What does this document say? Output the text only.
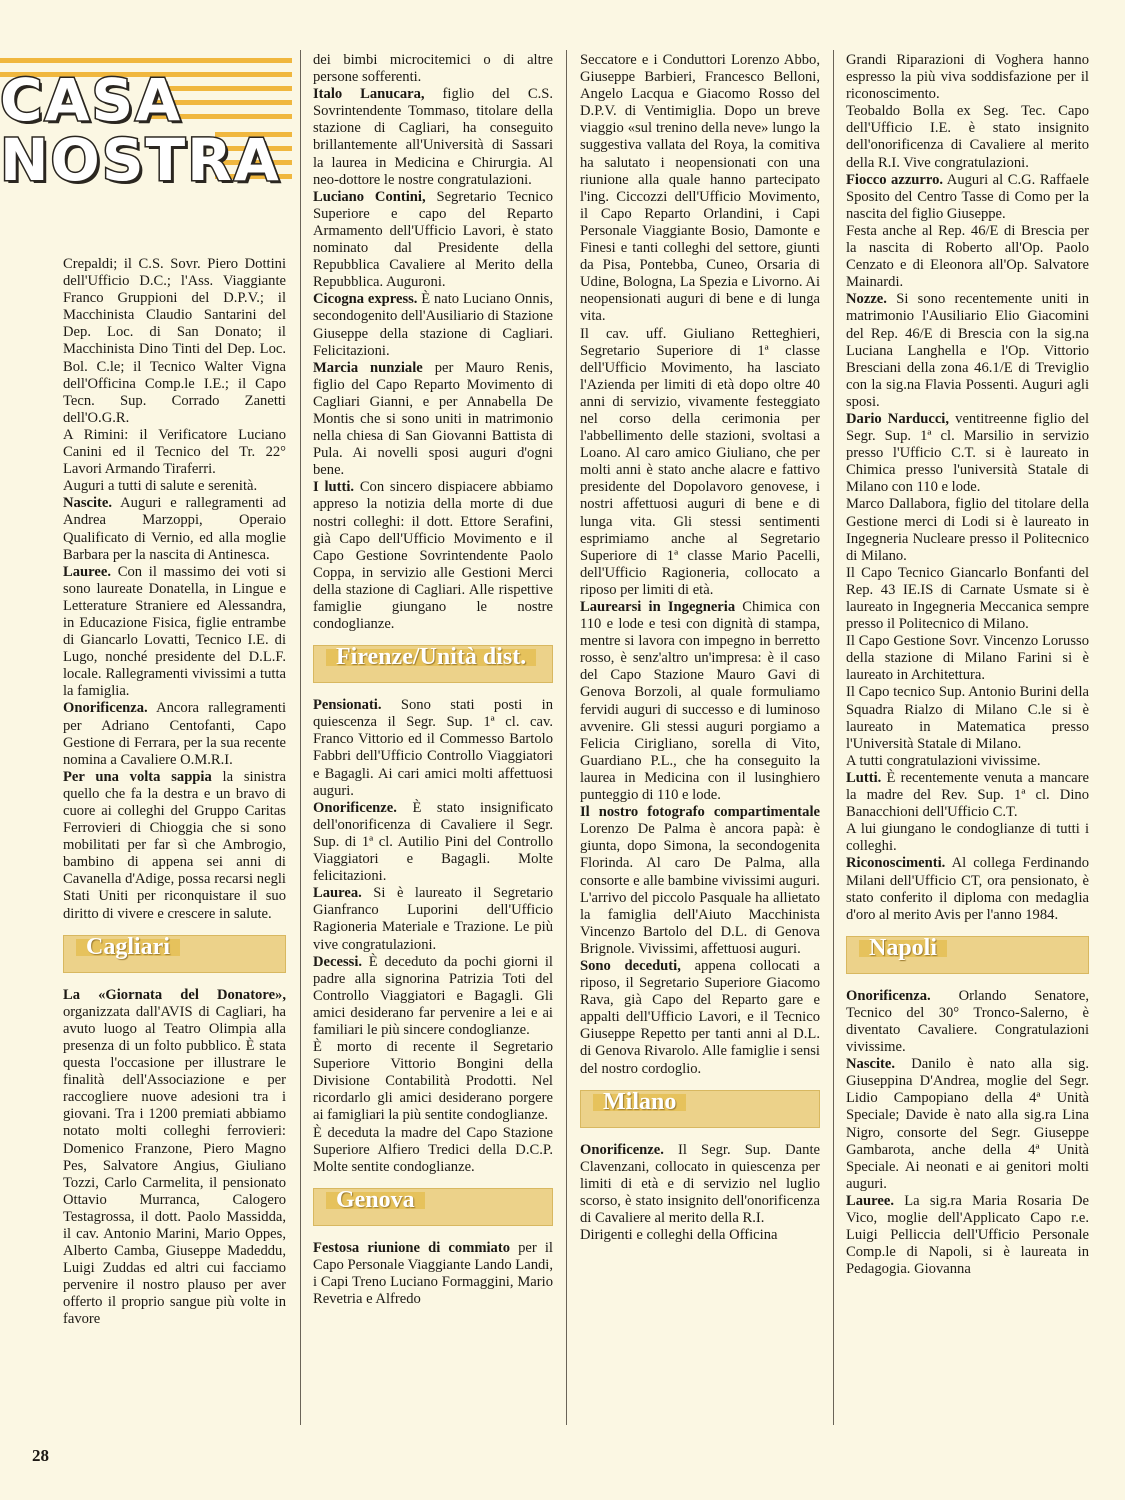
CASA
NOSTRA

Crepaldi; il C.S. Sovr. Piero Dottini dell'Ufficio D.C.; l'Ass. Viaggiante Franco Gruppioni del D.P.V.; il Macchinista Claudio Santarini del Dep. Loc. di San Donato; il Macchinista Dino Tinti del Dep. Loc. Bol. C.le; il Tecnico Walter Vigna dell'Officina Comp.le I.E.; il Capo Tecn. Sup. Corrado Zanetti dell'O.G.R.

A Rimini: il Verificatore Luciano Canini ed il Tecnico del Tr. 22° Lavori Armando Tiraferri.

Auguri a tutti di salute e serenità.

Nascite. Auguri e rallegramenti ad Andrea Marzoppi, Operaio Qualificato di Vernio, ed alla moglie Barbara per la nascita di Antinesca.

Lauree. Con il massimo dei voti si sono laureate Donatella, in Lingue e Letterature Straniere ed Alessandra, in Educazione Fisica, figlie entrambe di Giancarlo Lovatti, Tecnico I.E. di Lugo, nonché presidente del D.L.F. locale. Rallegramenti vivissimi a tutta la famiglia.

Onorificenza. Ancora rallegramenti per Adriano Centofanti, Capo Gestione di Ferrara, per la sua recente nomina a Cavaliere O.M.R.I.

Per una volta sappia la sinistra quello che fa la destra e un bravo di cuore ai colleghi del Gruppo Caritas Ferrovieri di Chioggia che si sono mobilitati per far sì che Ambrogio, bambino di appena sei anni di Cavanella d'Adige, possa recarsi negli Stati Uniti per riconquistare il suo diritto di vivere e crescere in salute.

Cagliari

La «Giornata del Donatore», organizzata dall'AVIS di Cagliari, ha avuto luogo al Teatro Olimpia alla presenza di un folto pubblico. È stata questa l'occasione per illustrare le finalità dell'Associazione e per raccogliere nuove adesioni tra i giovani. Tra i 1200 premiati abbiamo notato molti colleghi ferrovieri: Domenico Franzone, Piero Magno Pes, Salvatore Angius, Giuliano Tozzi, Carlo Carmelita, il pensionato Ottavio Murranca, Calogero Testagrossa, il dott. Paolo Massidda, il cav. Antonio Marini, Mario Oppes, Alberto Camba, Giuseppe Madeddu, Luigi Zuddas ed altri cui facciamo pervenire il nostro plauso per aver offerto il proprio sangue più volte in favore

dei bimbi microcitemici o di altre persone sofferenti.

Italo Lanucara, figlio del C.S. Sovrintendente Tommaso, titolare della stazione di Cagliari, ha conseguito brillantemente all'Università di Sassari la laurea in Medicina e Chirurgia. Al neo-dottore le nostre congratulazioni.

Luciano Contini, Segretario Tecnico Superiore e capo del Reparto Armamento dell'Ufficio Lavori, è stato nominato dal Presidente della Repubblica Cavaliere al Merito della Repubblica. Auguroni.

Cicogna express. È nato Luciano Onnis, secondogenito dell'Ausiliario di Stazione Giuseppe della stazione di Cagliari. Felicitazioni.

Marcia nunziale per Mauro Renis, figlio del Capo Reparto Movimento di Cagliari Gianni, e per Annabella De Montis che si sono uniti in matrimonio nella chiesa di San Giovanni Battista di Pula. Ai novelli sposi auguri d'ogni bene.

I lutti. Con sincero dispiacere abbiamo appreso la notizia della morte di due nostri colleghi: il dott. Ettore Serafini, già Capo dell'Ufficio Movimento e il Capo Gestione Sovrintendente Paolo Coppa, in servizio alle Gestioni Merci della stazione di Cagliari. Alle rispettive famiglie giungano le nostre condoglianze.

Firenze/Unità dist.

Pensionati. Sono stati posti in quiescenza il Segr. Sup. 1ª cl. cav. Franco Vittorio ed il Commesso Bartolo Fabbri dell'Ufficio Controllo Viaggiatori e Bagagli. Ai cari amici molti affettuosi auguri.

Onorificenze. È stato insignificato dell'onorificenza di Cavaliere il Segr. Sup. di 1ª cl. Autilio Pini del Controllo Viaggiatori e Bagagli. Molte felicitazioni.

Laurea. Si è laureato il Segretario Gianfranco Luporini dell'Ufficio Ragioneria Materiale e Trazione. Le più vive congratulazioni.

Decessi. È deceduto da pochi giorni il padre alla signorina Patrizia Toti del Controllo Viaggiatori e Bagagli. Gli amici desiderano far pervenire a lei e ai familiari le più sincere condoglianze.

È morto di recente il Segretario Superiore Vittorio Bongini della Divisione Contabilità Prodotti. Nel ricordarlo gli amici desiderano porgere ai famigliari la più sentite condoglianze.

È deceduta la madre del Capo Stazione Superiore Alfiero Tredici della D.C.P. Molte sentite condoglianze.

Genova

Festosa riunione di commiato per il Capo Personale Viaggiante Lando Landi, i Capi Treno Luciano Formaggini, Mario Revetria e Alfredo

Seccatore e i Conduttori Lorenzo Abbo, Giuseppe Barbieri, Francesco Belloni, Angelo Lacqua e Giacomo Rosso del D.P.V. di Ventimiglia. Dopo un breve viaggio «sul trenino della neve» lungo la suggestiva vallata del Roya, la comitiva ha salutato i neopensionati con una riunione alla quale hanno partecipato l'ing. Ciccozzi dell'Ufficio Movimento, il Capo Reparto Orlandini, i Capi Personale Viaggiante Bosio, Damonte e Finesi e tanti colleghi del settore, giunti da Pisa, Pontebba, Cuneo, Orsaria di Udine, Bologna, La Spezia e Livorno. Ai neopensionati auguri di bene e di lunga vita.

Il cav. uff. Giuliano Retteghieri, Segretario Superiore di 1ª classe dell'Ufficio Movimento, ha lasciato l'Azienda per limiti di età dopo oltre 40 anni di servizio, vivamente festeggiato nel corso della cerimonia per l'abbellimento delle stazioni, svoltasi a Loano. Al caro amico Giuliano, che per molti anni è stato anche alacre e fattivo presidente del Dopolavoro genovese, i nostri affettuosi auguri di bene e di lunga vita. Gli stessi sentimenti esprimiamo anche al Segretario Superiore di 1ª classe Mario Pacelli, dell'Ufficio Ragioneria, collocato a riposo per limiti di età.

Laurearsi in Ingegneria Chimica con 110 e lode e tesi con dignità di stampa, mentre si lavora con impegno in berretto rosso, è senz'altro un'impresa: è il caso del Capo Stazione Mauro Gavi di Genova Borzoli, al quale formuliamo fervidi auguri di successo e di luminoso avvenire. Gli stessi auguri porgiamo a Felicia Cirigliano, sorella di Vito, Guardiano P.L., che ha conseguito la laurea in Medicina con il lusinghiero punteggio di 110 e lode.

Il nostro fotografo compartimentale Lorenzo De Palma è ancora papà: è giunta, dopo Simona, la secondogenita Florinda. Al caro De Palma, alla consorte e alle bambine vivissimi auguri.

L'arrivo del piccolo Pasquale ha allietato la famiglia dell'Aiuto Macchinista Vincenzo Bartolo del D.L. di Genova Brignole. Vivissimi, affettuosi auguri.

Sono deceduti, appena collocati a riposo, il Segretario Superiore Giacomo Rava, già Capo del Reparto gare e appalti dell'Ufficio Lavori, e il Tecnico Giuseppe Repetto per tanti anni al D.L. di Genova Rivarolo. Alle famiglie i sensi del nostro cordoglio.

Milano

Onorificenze. Il Segr. Sup. Dante Clavenzani, collocato in quiescenza per limiti di età e di servizio nel luglio scorso, è stato insignito dell'onorificenza di Cavaliere al merito della R.I.

Dirigenti e colleghi della Officina

Grandi Riparazioni di Voghera hanno espresso la più viva soddisfazione per il riconoscimento.

Teobaldo Bolla ex Seg. Tec. Capo dell'Ufficio I.E. è stato insignito dell'onorificenza di Cavaliere al merito della R.I. Vive congratulazioni.

Fiocco azzurro. Auguri al C.G. Raffaele Sposito del Centro Tasse di Como per la nascita del figlio Giuseppe.

Festa anche al Rep. 46/E di Brescia per la nascita di Roberto all'Op. Paolo Cenzato e di Eleonora all'Op. Salvatore Mainardi.

Nozze. Si sono recentemente uniti in matrimonio l'Ausiliario Elio Giacomini del Rep. 46/E di Brescia con la sig.na Luciana Langhella e l'Op. Vittorio Bresciani della zona 46.1/E di Treviglio con la sig.na Flavia Possenti. Auguri agli sposi.

Dario Narducci, ventitreenne figlio del Segr. Sup. 1ª cl. Marsilio in servizio presso l'Ufficio C.T. si è laureato in Chimica presso l'università Statale di Milano con 110 e lode.

Marco Dallabora, figlio del titolare della Gestione merci di Lodi si è laureato in Ingegneria Nucleare presso il Politecnico di Milano.

Il Capo Tecnico Giancarlo Bonfanti del Rep. 43 IE.IS di Carnate Usmate si è laureato in Ingegneria Meccanica sempre presso il Politecnico di Milano.

Il Capo Gestione Sovr. Vincenzo Lorusso della stazione di Milano Farini si è laureato in Architettura.

Il Capo tecnico Sup. Antonio Burini della Squadra Rialzo di Milano C.le si è laureato in Matematica presso l'Università Statale di Milano.

A tutti congratulazioni vivissime.

Lutti. È recentemente venuta a mancare la madre del Rev. Sup. 1ª cl. Dino Banacchioni dell'Ufficio C.T.

A lui giungano le condoglianze di tutti i colleghi.

Riconoscimenti. Al collega Ferdinando Milani dell'Ufficio CT, ora pensionato, è stato conferito il diploma con medaglia d'oro al merito Avis per l'anno 1984.

Napoli

Onorificenza. Orlando Senatore, Tecnico del 30° Tronco-Salerno, è diventato Cavaliere. Congratulazioni vivissime.

Nascite. Danilo è nato alla sig. Giuseppina D'Andrea, moglie del Segr. Lidio Campopiano della 4ª Unità Speciale; Davide è nato alla sig.ra Lina Nigro, consorte del Segr. Giuseppe Gambarota, anche della 4ª Unità Speciale. Ai neonati e ai genitori molti auguri.

Lauree. La sig.ra Maria Rosaria De Vico, moglie dell'Applicato Capo r.e. Luigi Pelliccia dell'Ufficio Personale Comp.le di Napoli, si è laureata in Pedagogia. Giovanna

28
